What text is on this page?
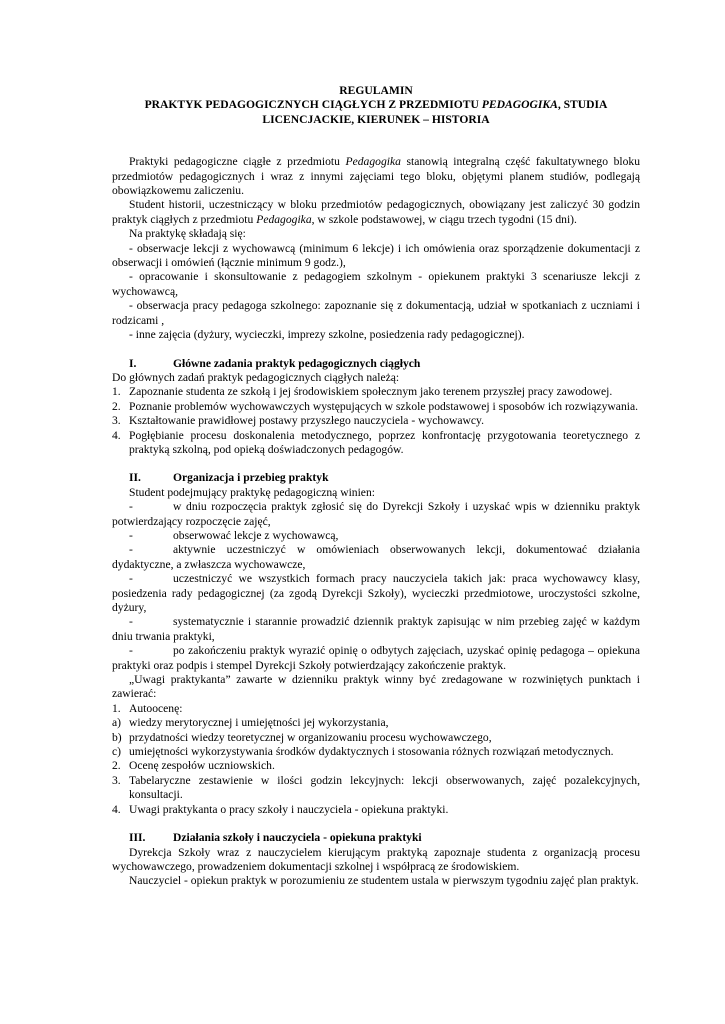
REGULAMIN

PRAKTYK PEDAGOGICZNYCH CIĄGŁYCH Z PRZEDMIOTU PEDAGOGIKA, STUDIA

LICENCJACKIE, KIERUNEK – HISTORIA

Praktyki pedagogiczne ciągłe z przedmiotu Pedagogika stanowią integralną część fakultatywnego bloku przedmiotów pedagogicznych i wraz z innymi zajęciami tego bloku, objętymi planem studiów, podlegają obowiązkowemu zaliczeniu.

Student historii, uczestniczący w bloku przedmiotów pedagogicznych, obowiązany jest zaliczyć 30 godzin praktyk ciągłych z przedmiotu Pedagogika, w szkole podstawowej, w ciągu trzech tygodni (15 dni).

Na praktykę składają się:

- obserwacje lekcji z wychowawcą (minimum 6 lekcje) i ich omówienia oraz sporządzenie dokumentacji z obserwacji i omówień (łącznie minimum 9 godz.),

- opracowanie i skonsultowanie z pedagogiem szkolnym - opiekunem praktyki 3 scenariusze lekcji z wychowawcą,

- obserwacja pracy pedagoga szkolnego: zapoznanie się z dokumentacją, udział w spotkaniach z uczniami i rodzicami ,

- inne zajęcia (dyżury, wycieczki, imprezy szkolne, posiedzenia rady pedagogicznej).

I.	Główne zadania praktyk pedagogicznych ciągłych

Do głównych zadań praktyk pedagogicznych ciągłych należą:

1. Zapoznanie studenta ze szkołą i jej środowiskiem społecznym jako terenem przyszłej pracy zawodowej.
2. Poznanie problemów wychowawczych występujących w szkole podstawowej i sposobów ich rozwiązywania.
3. Kształtowanie prawidłowej postawy przyszłego nauczyciela - wychowawcy.
4. Pogłębianie procesu doskonalenia metodycznego, poprzez konfrontację przygotowania teoretycznego z praktyką szkolną, pod opieką doświadczonych pedagogów.
II.	Organizacja i przebieg praktyk

Student podejmujący praktykę pedagogiczną winien:

-	w dniu rozpoczęcia praktyk zgłosić się do Dyrekcji Szkoły i uzyskać wpis w dzienniku praktyk potwierdzający rozpoczęcie zajęć,

-	obserwować lekcje z wychowawcą,

-	aktywnie uczestniczyć w omówieniach obserwowanych lekcji, dokumentować działania dydaktyczne, a zwłaszcza wychowawcze,

-	uczestniczyć we wszystkich formach pracy nauczyciela takich jak: praca wychowawcy klasy, posiedzenia rady pedagogicznej (za zgodą Dyrekcji Szkoły), wycieczki przedmiotowe, uroczystości szkolne, dyżury,

-	systematycznie i starannie prowadzić dziennik praktyk zapisując w nim przebieg zajęć w każdym dniu trwania praktyki,

-	po zakończeniu praktyk wyrazić opinię o odbytych zajęciach, uzyskać opinię pedagoga – opiekuna praktyki oraz podpis i stempel Dyrekcji Szkoły potwierdzający zakończenie praktyk.

„Uwagi praktykanta” zawarte w dzienniku praktyk winny być zredagowane w rozwiniętych punktach i zawierać:

1. Autoocenę:
a) wiedzy merytorycznej i umiejętności jej wykorzystania,
b) przydatności wiedzy teoretycznej w organizowaniu procesu wychowawczego,
c) umiejętności wykorzystywania środków dydaktycznych i stosowania różnych rozwiązań metodycznych.
2. Ocenę zespołów uczniowskich.
3. Tabelaryczne zestawienie w ilości godzin lekcyjnych: lekcji obserwowanych, zajęć pozalekcyjnych, konsultacji.
4. Uwagi praktykanta o pracy szkoły i nauczyciela - opiekuna praktyki.
III.	Działania szkoły i nauczyciela - opiekuna praktyki

Dyrekcja Szkoły wraz z nauczycielem kierującym praktyką zapoznaje studenta z organizacją procesu wychowawczego, prowadzeniem dokumentacji szkolnej i współpracą ze środowiskiem.

Nauczyciel - opiekun praktyk w porozumieniu ze studentem ustala w pierwszym tygodniu zajęć plan praktyk.
